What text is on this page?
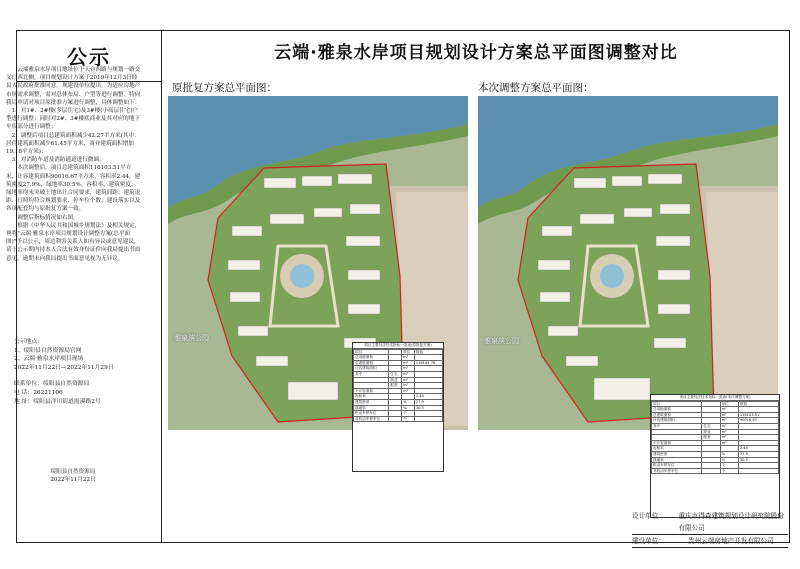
公示

云端雅泉水岸项目地址位于天台西路与规划一路交叉口西北侧，项目规划设计方案于2019年12月3日经县人民政府批准同意。现建设单位提出，为适应房地产市场需求调整，需对总体布局、户型等进行调整，特向我局申请对项目原批准方案进行调整，具体调整如下：

1、对1#、2#楼(多层住宅)及3#楼(小高层住宅)户型进行调整；同时对2#、3#楼底商业及其对应的地下车库部分进行调整；

2、调整后项目总建筑面积减少42.27平方米(其中：居住建筑面积减少61.45平方米，商业建筑面积增加19.18平方米)；

3、对消防车道及消防通道进行微调。

本次调整后，项目总建筑面积116103.51平方米，计容建筑面积90016.67平方米，容积率2.44，建筑密度27.9%，绿地率30.5%。容积率、建筑密度、绿地率均未突破土地出让合同要求，建筑间距、建筑退距、日照均符合规划要求，停车位个数、建设落实以及各项配套均与原批复方案一致。

调整后指标情况如右图。

根据《中华人民共和国城乡规划法》及相关规定，现将"云端·雅泉水岸项目规划设计调整方案(总平面图)"予以公示，周边利害关系人如有异议或意见建议，请于公示期内持本人合法有效身份证件向我局提出书面意见，逾期未向我局提出书面意见视为无异议。

公示地点：
1、绥阳县自然资源局官网
2、云端·雅泉水岸项目现场
2022年11月22日—2022年11月29日
联系单位：绥阳县自然资源局
电 话：26221106
地 址：绥阳县洋川街道霞溪路2号
绥阳县自然资源局
2022年11月22日
云端·雅泉水岸项目规划设计方案总平面图调整对比
原批复方案总平面图：	本次调整方案总平面图：
雅泉滨公园	雅泉滨公园
项目主要经济技术指标一览表(原批复方案)
项目		单位	数值
总用地面积		m²	
总建筑面积		m²	116145.78
计容建筑面积		m²	
其中	住宅	m²	
	商业	m²	
	配套	m²	
不计容面积		m²	
容积率			2.44
建筑密度		%	27.9
绿地率		%	30.5
机动车停车位		个	
非机动车停车位		个	
项目主要经济技术指标一览表(本次调整方案)
项目		单位	数值
总用地面积		m²	
总建筑面积		m²	116103.51
计容建筑面积		m²	90016.67
其中	住宅	m²	
	商业	m²	
	配套	m²	
不计容面积		m²	
容积率			2.44
建筑密度		%	27.9
绿地率		%	30.5
机动车停车位		个	
非机动车停车位		个	
设计单位：	重庆市得森建筑规划设计研究院股份有限公司
建设单位：	贵州云端房地产开发有限公司
